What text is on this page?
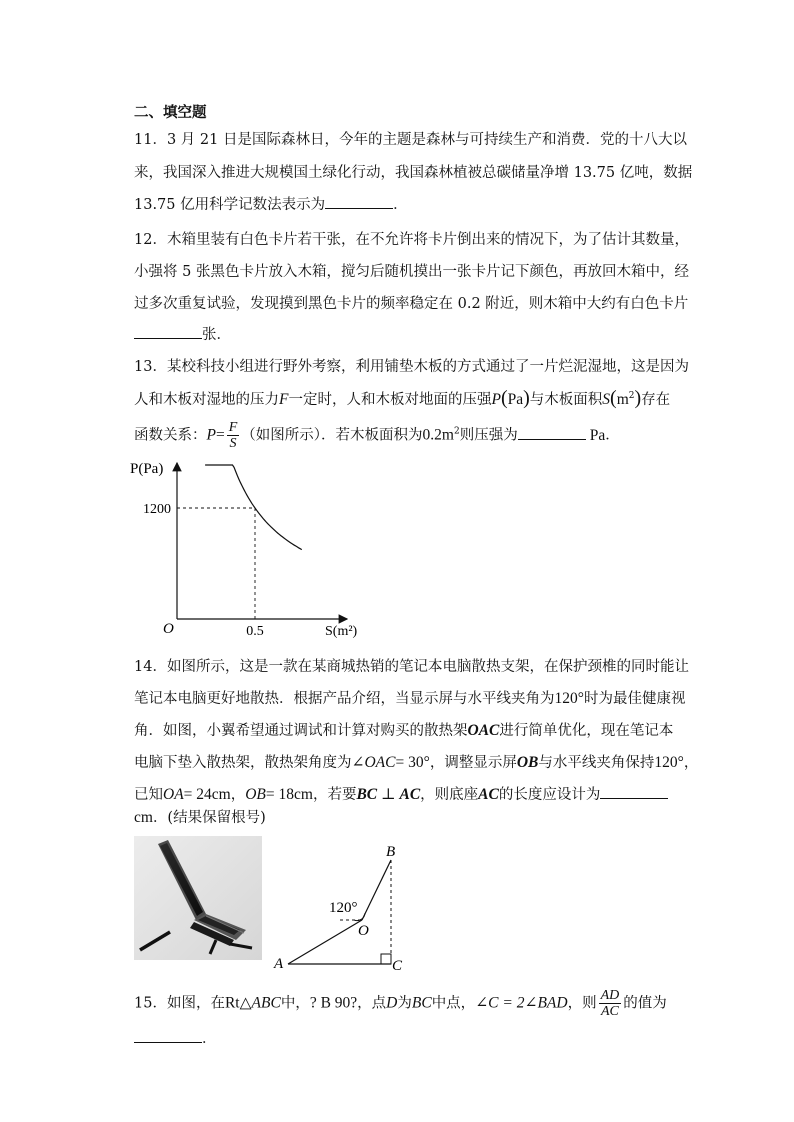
二、填空题
11．3 月 21 日是国际森林日，今年的主题是森林与可持续生产和消费．党的十八大以
来，我国深入推进大规模国土绿化行动，我国森林植被总碳储量净增 13.75 亿吨，数据
13.75 亿用科学记数法表示为	．
12．木箱里装有白色卡片若干张，在不允许将卡片倒出来的情况下，为了估计其数量，
小强将 5 张黑色卡片放入木箱，搅匀后随机摸出一张卡片记下颜色，再放回木箱中，经
过多次重复试验，发现摸到黑色卡片的频率稳定在 0.2 附近，则木箱中大约有白色卡片
张．
13．某校科技小组进行野外考察，利用铺垫木板的方式通过了一片烂泥湿地，这是因为
人和木板对湿地的压力F一定时，人和木板对地面的压强P(Pa)与木板面积$S(m^2)$存在
函数关系：$P= \frac{F}{S}$ （如图所示）．若木板面积为$0.2m^2$则压强为	Pa．
P(Pa)
S(m²)
O	0.5
1200
14．如图所示，这是一款在某商城热销的笔记本电脑散热支架，在保护颈椎的同时能让
笔记本电脑更好地散热．根据产品介绍，当显示屏与水平线夹角为120°时为最佳健康视
角．如图，小翼希望通过调试和计算对购买的散热架OAC进行简单优化，现在笔记本
电脑下垫入散热架，散热架角度为∠OAC= 30°，调整显示屏OB与水平线夹角保持120°，
已知OA= 24cm，OB= 18cm，若要BC ⊥ AC，则底座AC的长度应设计为
cm．(结果保留根号)
120°
A
B
C
O
15．如图，在Rt△ABC中，? B 90?，点D为BC中点，∠C = 2∠BAD，则 $\frac{AD}{AC}$ 的值为
．
